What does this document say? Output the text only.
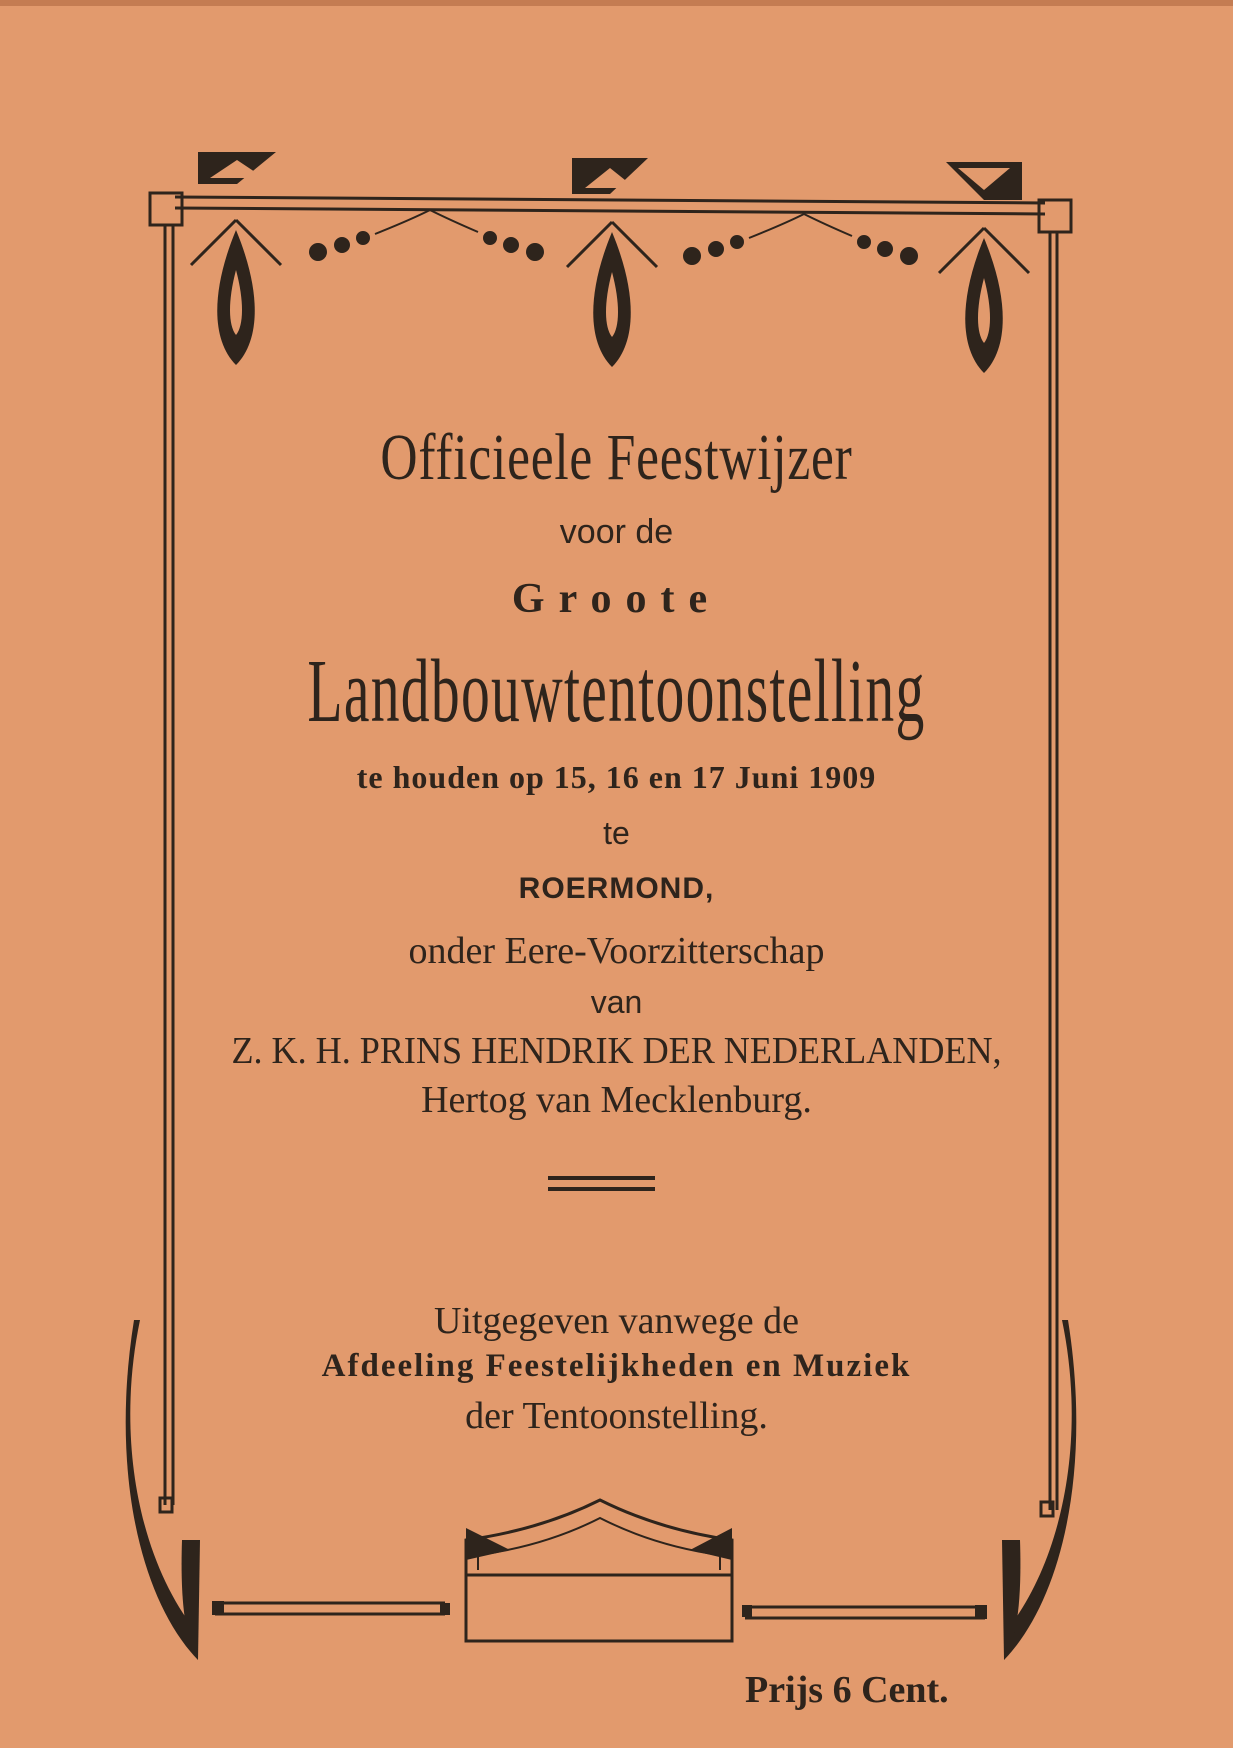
Officieele Feestwijzer
voor de
Groote
Landbouwtentoonstelling
te houden op 15, 16 en 17 Juni 1909
te
ROERMOND,
onder Eere-Voorzitterschap
van
Z. K. H. PRINS HENDRIK DER NEDERLANDEN,
Hertog van Mecklenburg.
Uitgegeven vanwege de
Afdeeling Feestelijkheden en Muziek
der Tentoonstelling.
Prijs 6 Cent.
